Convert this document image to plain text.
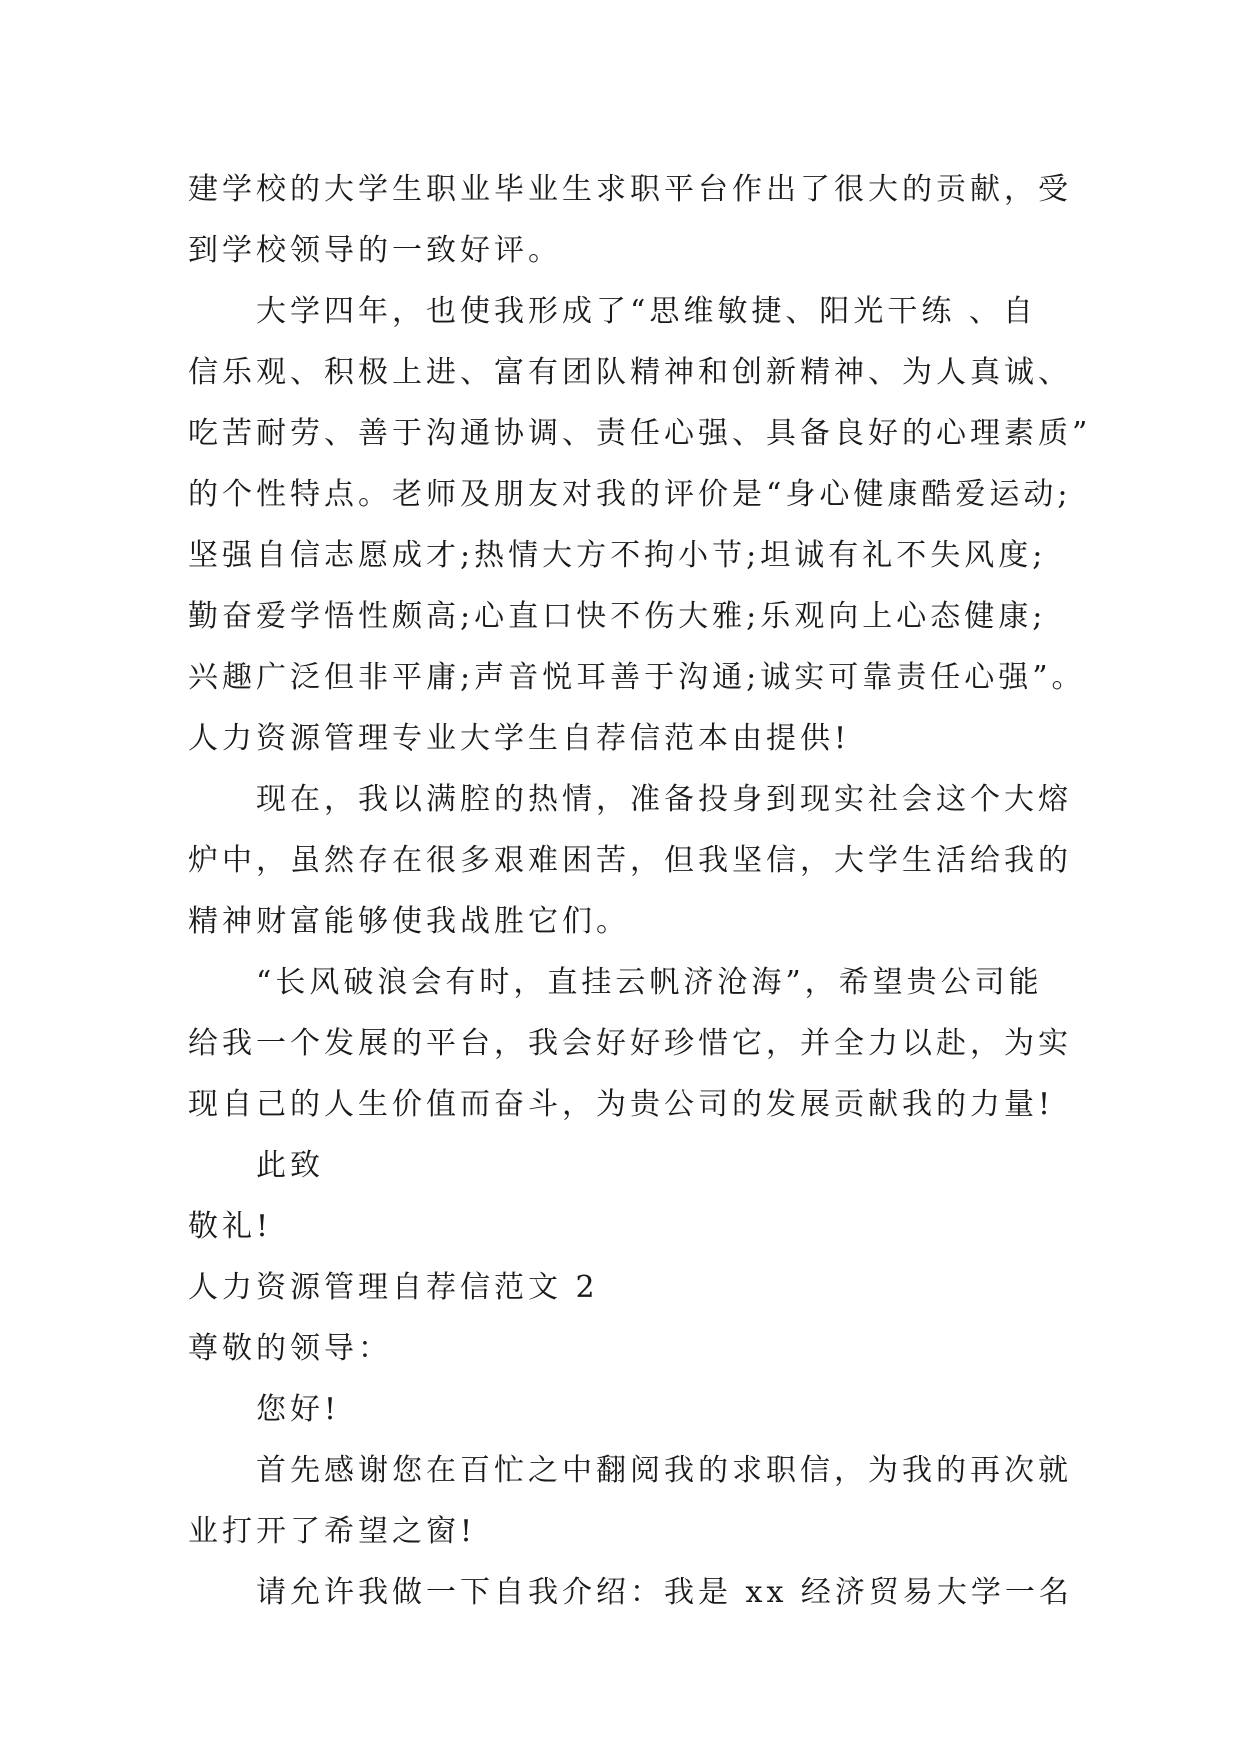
建学校的大学生职业毕业生求职平台作出了很大的贡献，受
到学校领导的一致好评。
大学四年，也使我形成了“思维敏捷、阳光干练 、自
信乐观、积极上进、富有团队精神和创新精神、为人真诚、
吃苦耐劳、善于沟通协调、责任心强、具备良好的心理素质”
的个性特点。老师及朋友对我的评价是“身心健康酷爱运动;
坚强自信志愿成才;热情大方不拘小节;坦诚有礼不失风度;
勤奋爱学悟性颇高;心直口快不伤大雅;乐观向上心态健康;
兴趣广泛但非平庸;声音悦耳善于沟通;诚实可靠责任心强”。
人力资源管理专业大学生自荐信范本由提供!
现在，我以满腔的热情，准备投身到现实社会这个大熔
炉中，虽然存在很多艰难困苦，但我坚信，大学生活给我的
精神财富能够使我战胜它们。
“长风破浪会有时，直挂云帆济沧海”，希望贵公司能
给我一个发展的平台，我会好好珍惜它，并全力以赴，为实
现自己的人生价值而奋斗，为贵公司的发展贡献我的力量!
此致
敬礼!
人力资源管理自荐信范文 2
尊敬的领导：
您好!
首先感谢您在百忙之中翻阅我的求职信，为我的再次就
业打开了希望之窗!
请允许我做一下自我介绍：我是 xx 经济贸易大学一名
